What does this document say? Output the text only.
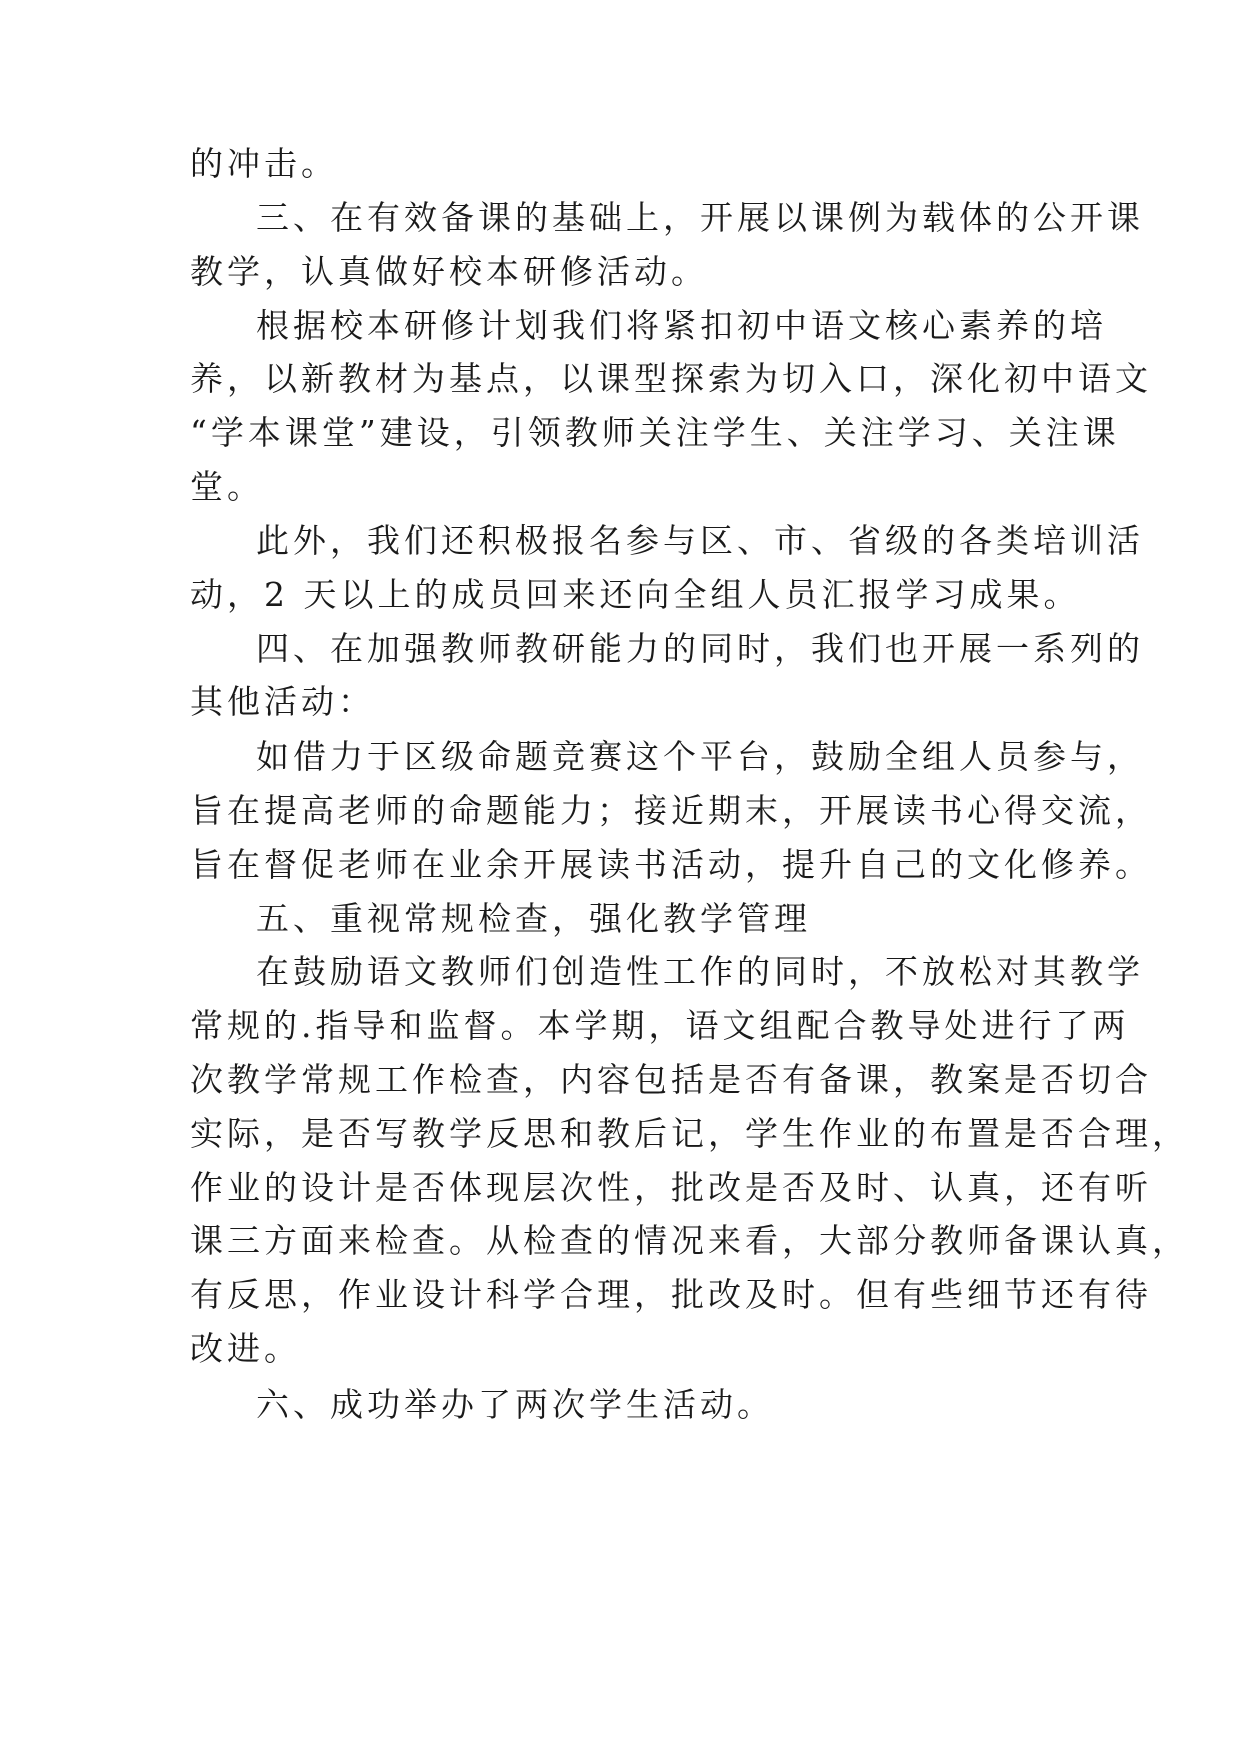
的冲击。
三、在有效备课的基础上，开展以课例为载体的公开课
教学，认真做好校本研修活动。
根据校本研修计划我们将紧扣初中语文核心素养的培
养，以新教材为基点，以课型探索为切入口，深化初中语文
“学本课堂”建设，引领教师关注学生、关注学习、关注课
堂。
此外，我们还积极报名参与区、市、省级的各类培训活
动，2 天以上的成员回来还向全组人员汇报学习成果。
四、在加强教师教研能力的同时，我们也开展一系列的
其他活动：
如借力于区级命题竞赛这个平台，鼓励全组人员参与，
旨在提高老师的命题能力；接近期末，开展读书心得交流，
旨在督促老师在业余开展读书活动，提升自己的文化修养。
五、重视常规检查，强化教学管理
在鼓励语文教师们创造性工作的同时，不放松对其教学
常规的.指导和监督。本学期，语文组配合教导处进行了两
次教学常规工作检查，内容包括是否有备课，教案是否切合
实际，是否写教学反思和教后记，学生作业的布置是否合理，
作业的设计是否体现层次性，批改是否及时、认真，还有听
课三方面来检查。从检查的情况来看，大部分教师备课认真，
有反思，作业设计科学合理，批改及时。但有些细节还有待
改进。
六、成功举办了两次学生活动。
